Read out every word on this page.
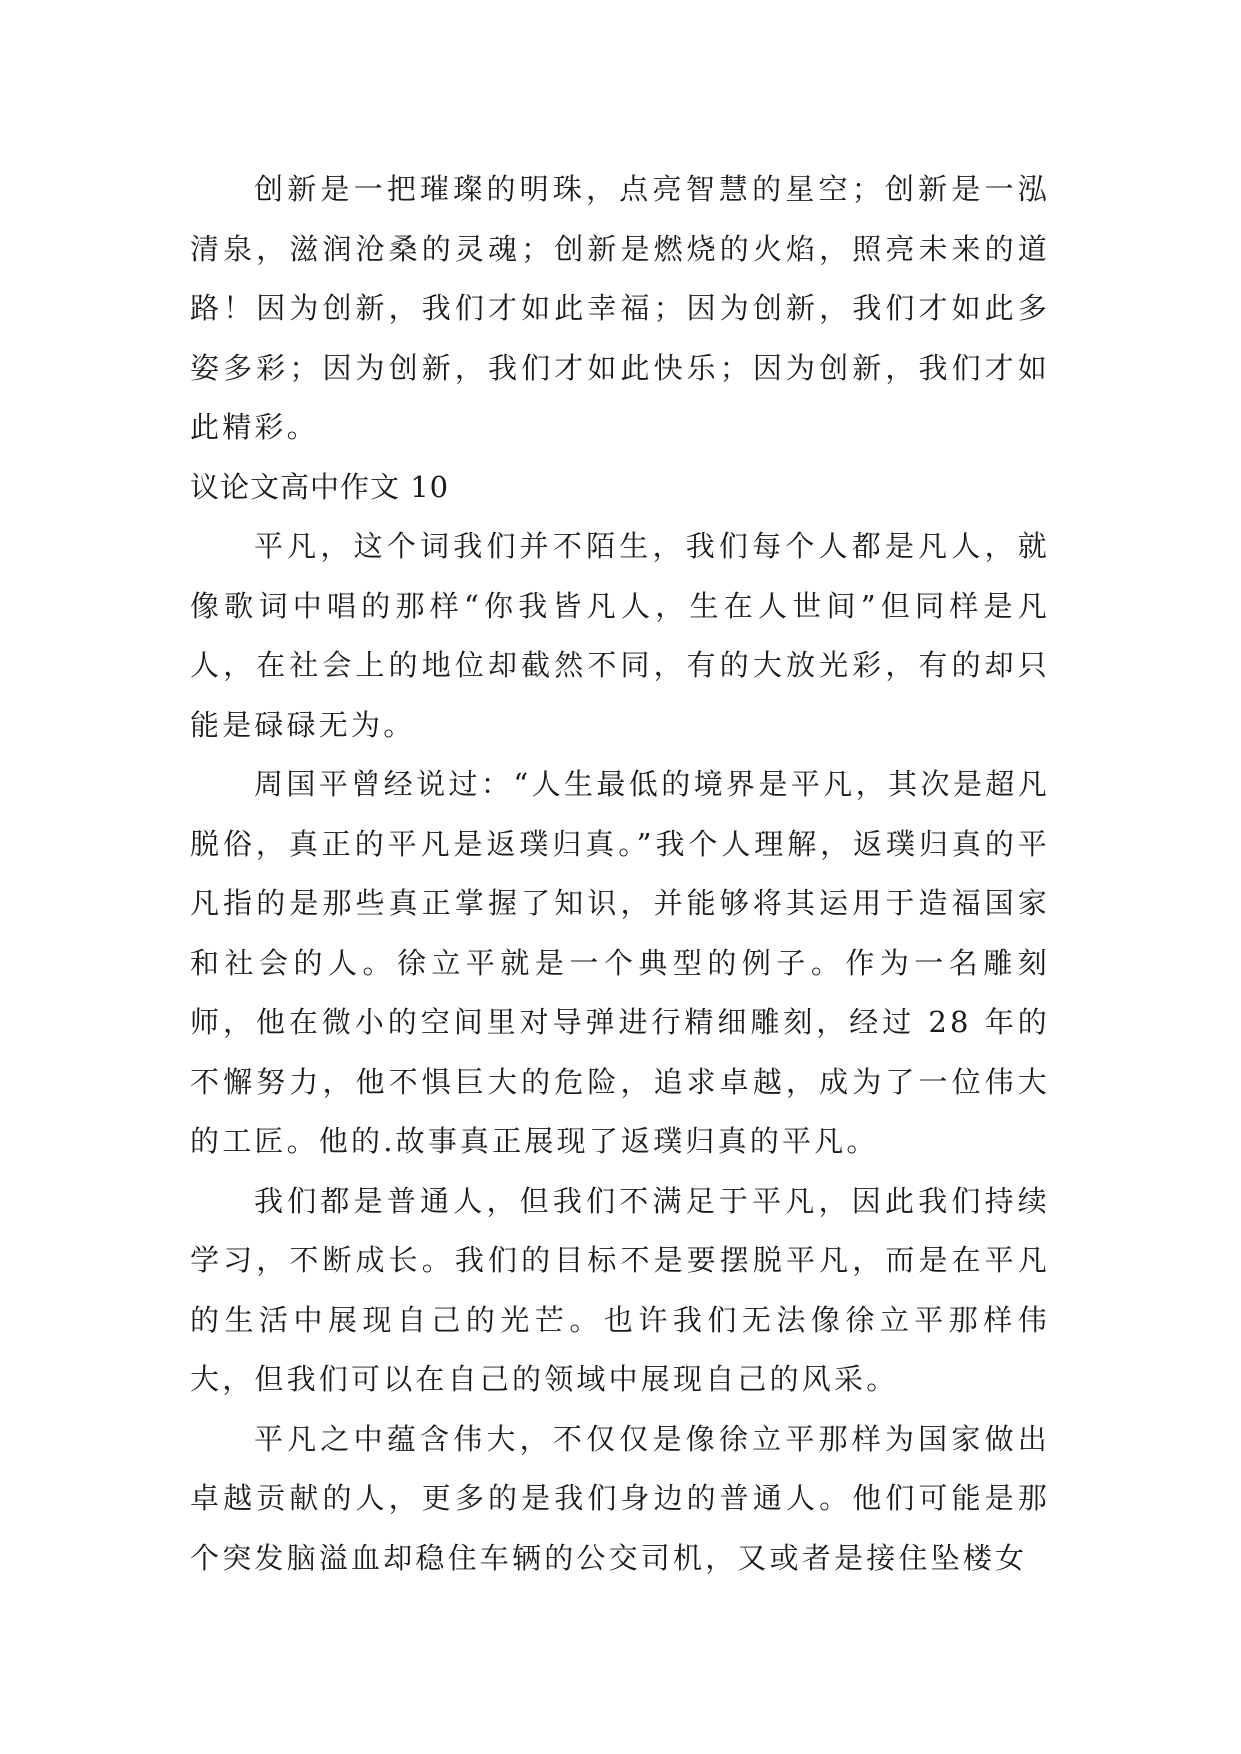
创新是一把璀璨的明珠，点亮智慧的星空；创新是一泓清泉，滋润沧桑的灵魂；创新是燃烧的火焰，照亮未来的道路！因为创新，我们才如此幸福；因为创新，我们才如此多姿多彩；因为创新，我们才如此快乐；因为创新，我们才如此精彩。

议论文高中作文 10

平凡，这个词我们并不陌生，我们每个人都是凡人，就像歌词中唱的那样“你我皆凡人，生在人世间”但同样是凡人，在社会上的地位却截然不同，有的大放光彩，有的却只能是碌碌无为。

周国平曾经说过：“人生最低的境界是平凡，其次是超凡脱俗，真正的平凡是返璞归真。”我个人理解，返璞归真的平凡指的是那些真正掌握了知识，并能够将其运用于造福国家和社会的人。徐立平就是一个典型的例子。作为一名雕刻师，他在微小的空间里对导弹进行精细雕刻，经过 28 年的不懈努力，他不惧巨大的危险，追求卓越，成为了一位伟大的工匠。他的.故事真正展现了返璞归真的平凡。

我们都是普通人，但我们不满足于平凡，因此我们持续学习，不断成长。我们的目标不是要摆脱平凡，而是在平凡的生活中展现自己的光芒。也许我们无法像徐立平那样伟大，但我们可以在自己的领域中展现自己的风采。

平凡之中蕴含伟大，不仅仅是像徐立平那样为国家做出卓越贡献的人，更多的是我们身边的普通人。他们可能是那个突发脑溢血却稳住车辆的公交司机，又或者是接住坠楼女
